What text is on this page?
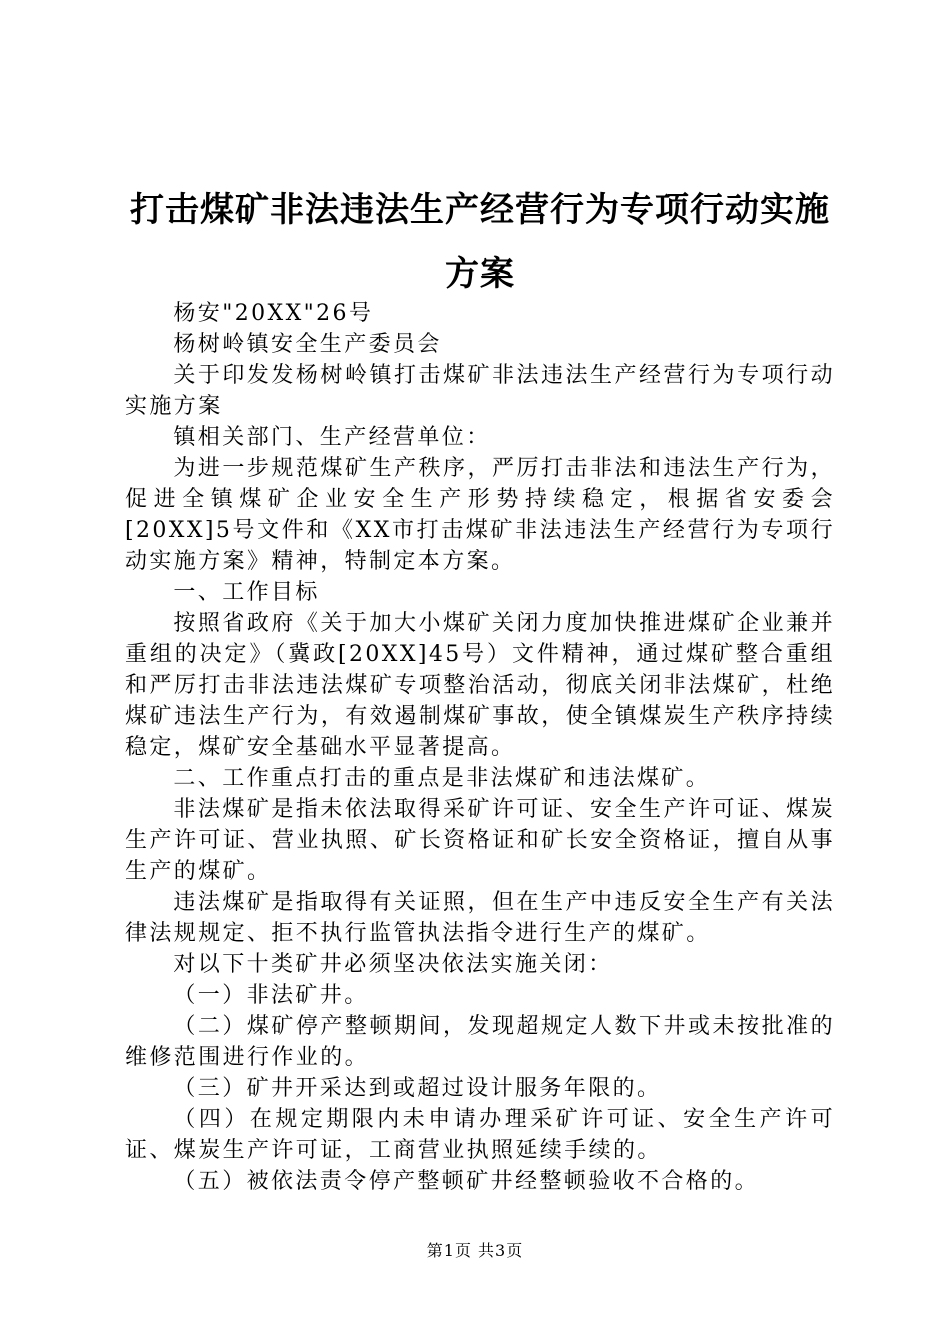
打击煤矿非法违法生产经营行为专项行动实施方案

杨安"20XX"26号

杨树岭镇安全生产委员会

关于印发发杨树岭镇打击煤矿非法违法生产经营行为专项行动实施方案

镇相关部门、生产经营单位：

为进一步规范煤矿生产秩序，严厉打击非法和违法生产行为，促进全镇煤矿企业安全生产形势持续稳定，根据省安委会[20XX]5号文件和《XX市打击煤矿非法违法生产经营行为专项行动实施方案》精神，特制定本方案。

一、工作目标

按照省政府《关于加大小煤矿关闭力度加快推进煤矿企业兼并重组的决定》（冀政[20XX]45号）文件精神，通过煤矿整合重组和严厉打击非法违法煤矿专项整治活动，彻底关闭非法煤矿，杜绝煤矿违法生产行为，有效遏制煤矿事故，使全镇煤炭生产秩序持续稳定，煤矿安全基础水平显著提高。

二、工作重点打击的重点是非法煤矿和违法煤矿。

非法煤矿是指未依法取得采矿许可证、安全生产许可证、煤炭生产许可证、营业执照、矿长资格证和矿长安全资格证，擅自从事生产的煤矿。

违法煤矿是指取得有关证照，但在生产中违反安全生产有关法律法规规定、拒不执行监管执法指令进行生产的煤矿。

对以下十类矿井必须坚决依法实施关闭：

（一）非法矿井。

（二）煤矿停产整顿期间，发现超规定人数下井或未按批准的维修范围进行作业的。

（三）矿井开采达到或超过设计服务年限的。

（四）在规定期限内未申请办理采矿许可证、安全生产许可证、煤炭生产许可证，工商营业执照延续手续的。

（五）被依法责令停产整顿矿井经整顿验收不合格的。

第1页 共3页
